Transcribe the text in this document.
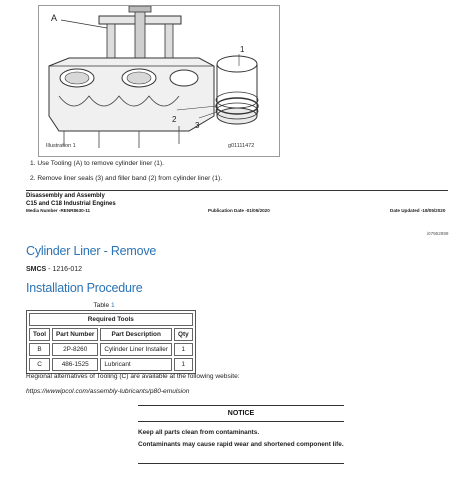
A
1
2
3
Illustration 1	g01111472
1. Use Tooling (A) to remove cylinder liner (1).
2. Remove liner seals (3) and filler band (2) from cylinder liner (1).
Disassembly and Assembly
C15 and C18 Industrial Engines
Media Number -RENR8630-11	Publication Date -01/05/2020	Date Updated -18/05/2020
i07962899
Cylinder Liner - Remove
SMCS - 1216-012
Installation Procedure
Table 1
Required Tools			
Tool	Part Number	Part Description	Qty
B	2P-8260	Cylinder Liner Installer	1
C	486-1525	Lubricant	1
Regional alternatives of Tooling (C) are available at the following website:
https://wwwipcol.com/assembly-lubricants/p80-emulsion
NOTICE
Keep all parts clean from contaminants.
Contaminants may cause rapid wear and shortened component life.
